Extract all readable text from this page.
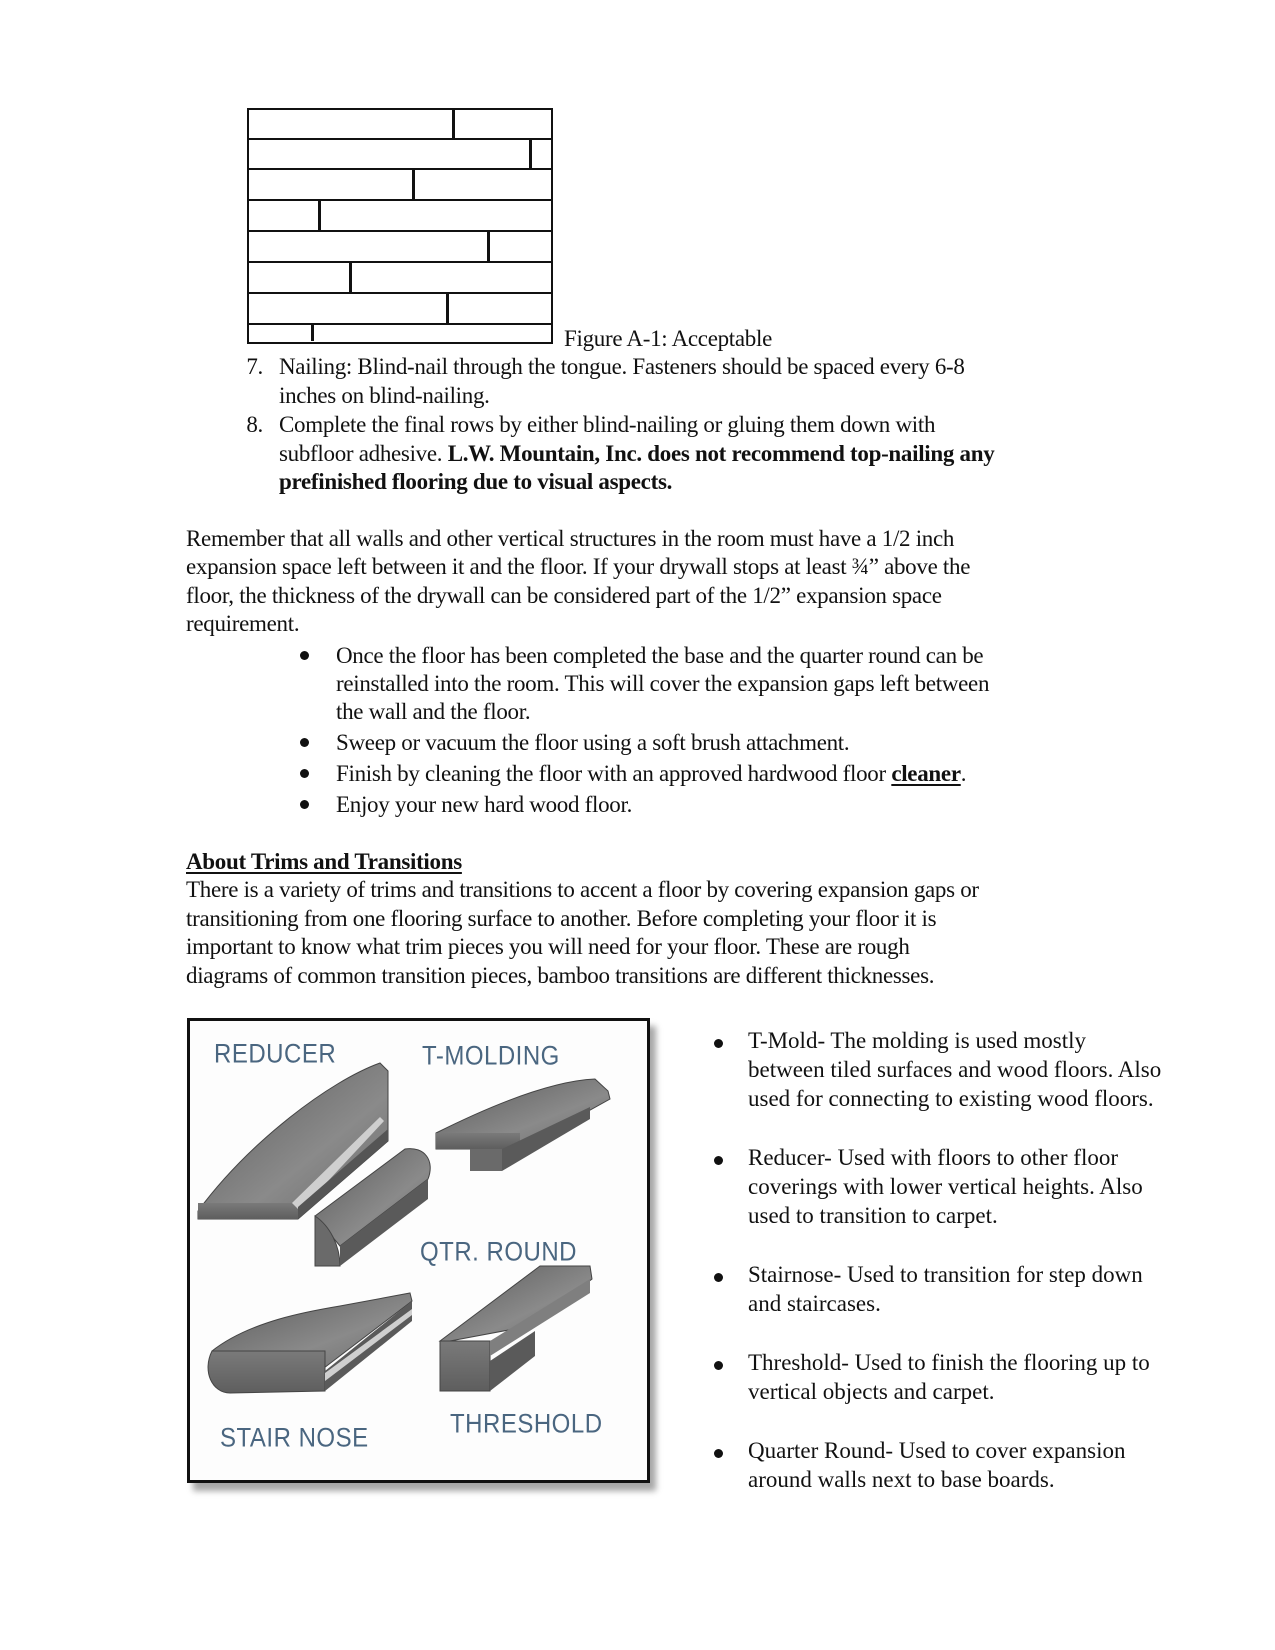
Figure A-1: Acceptable
7. Nailing: Blind-nail through the tongue. Fasteners should be spaced every 6-8
inches on blind-nailing.
8. Complete the final rows by either blind-nailing or gluing them down with
subfloor adhesive. L.W. Mountain, Inc. does not recommend top-nailing any
prefinished flooring due to visual aspects.
Remember that all walls and other vertical structures in the room must have a 1/2 inch
expansion space left between it and the floor. If your drywall stops at least ¾” above the
floor, the thickness of the drywall can be considered part of the 1/2” expansion space
requirement.
Once the floor has been completed the base and the quarter round can be
reinstalled into the room. This will cover the expansion gaps left between
the wall and the floor.
Sweep or vacuum the floor using a soft brush attachment.
Finish by cleaning the floor with an approved hardwood floor cleaner.
Enjoy your new hard wood floor.
About Trims and Transitions
There is a variety of trims and transitions to accent a floor by covering expansion gaps or
transitioning from one flooring surface to another. Before completing your floor it is
important to know what trim pieces you will need for your floor. These are rough
diagrams of common transition pieces, bamboo transitions are different thicknesses.
REDUCER	T-MOLDING
QTR. ROUND
STAIR NOSE	THRESHOLD
T-Mold- The molding is used mostly
between tiled surfaces and wood floors. Also
used for connecting to existing wood floors.
Reducer- Used with floors to other floor
coverings with lower vertical heights. Also
used to transition to carpet.
Stairnose- Used to transition for step down
and staircases.
Threshold- Used to finish the flooring up to
vertical objects and carpet.
Quarter Round- Used to cover expansion
around walls next to base boards.
